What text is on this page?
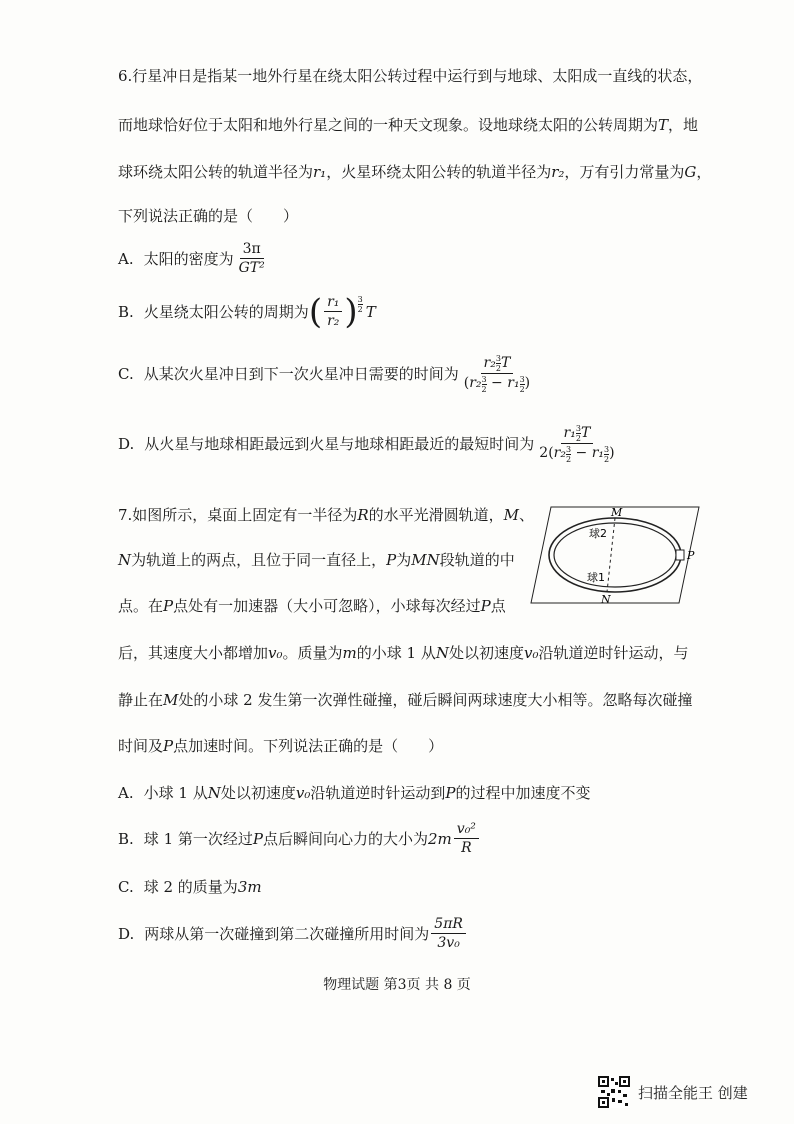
6.行星冲日是指某一地外行星在绕太阳公转过程中运行到与地球、太阳成一直线的状态，
而地球恰好位于太阳和地外行星之间的一种天文现象。设地球绕太阳的公转周期为T，地
球环绕太阳公转的轨道半径为r₁，火星环绕太阳公转的轨道半径为r₂，万有引力常量为G，
下列说法正确的是（　　）
A. 太阳的密度为 $\frac{3\pi}{\text{GT²}}$
B. 火星绕太阳公转的周期为 ( $\frac{\text{r₁}}{\text{r₂}}$ ) 3
2 T
C. 从某次火星冲日到下一次火星冲日需要的时间为 $\frac{r_2 \frac{3}{2} T}{(r_2 \frac{3}{2} - r_1 \frac{3}{2} )}$
D. 从火星与地球相距最远到火星与地球相距最近的最短时间为 $\frac{r_1 \frac{3}{2} T}{2(r_2 \frac{3}{2} - r_1 \frac{3}{2} )}$
7.如图所示，桌面上固定有一半径为R的水平光滑圆轨道，M、
N为轨道上的两点，且位于同一直径上，P为MN段轨道的中
点。在P点处有一加速器（大小可忽略），小球每次经过P点
后，其速度大小都增加v₀。质量为m的小球 1 从N处以初速度v₀沿轨道逆时针运动，与
静止在M处的小球 2 发生第一次弹性碰撞，碰后瞬间两球速度大小相等。忽略每次碰撞
时间及P点加速时间。下列说法正确的是（　　）
A. 小球 1 从 N 处以初速度 v₀ 沿轨道逆时针运动到 P 的过程中加速度不变
B. 球 1 第一次经过 P 点后瞬间向心力的大小为 $2m \frac{\text{v₀²}}{R}$
C. 球 2 的质量为 3m
D. 两球从第一次碰撞到第二次碰撞所用时间为 $\frac{5\pi R}{\text{3v₀}}$
M
N
P
球2
球1
物理试题 第3页 共 8 页
扫描全能王 创建
